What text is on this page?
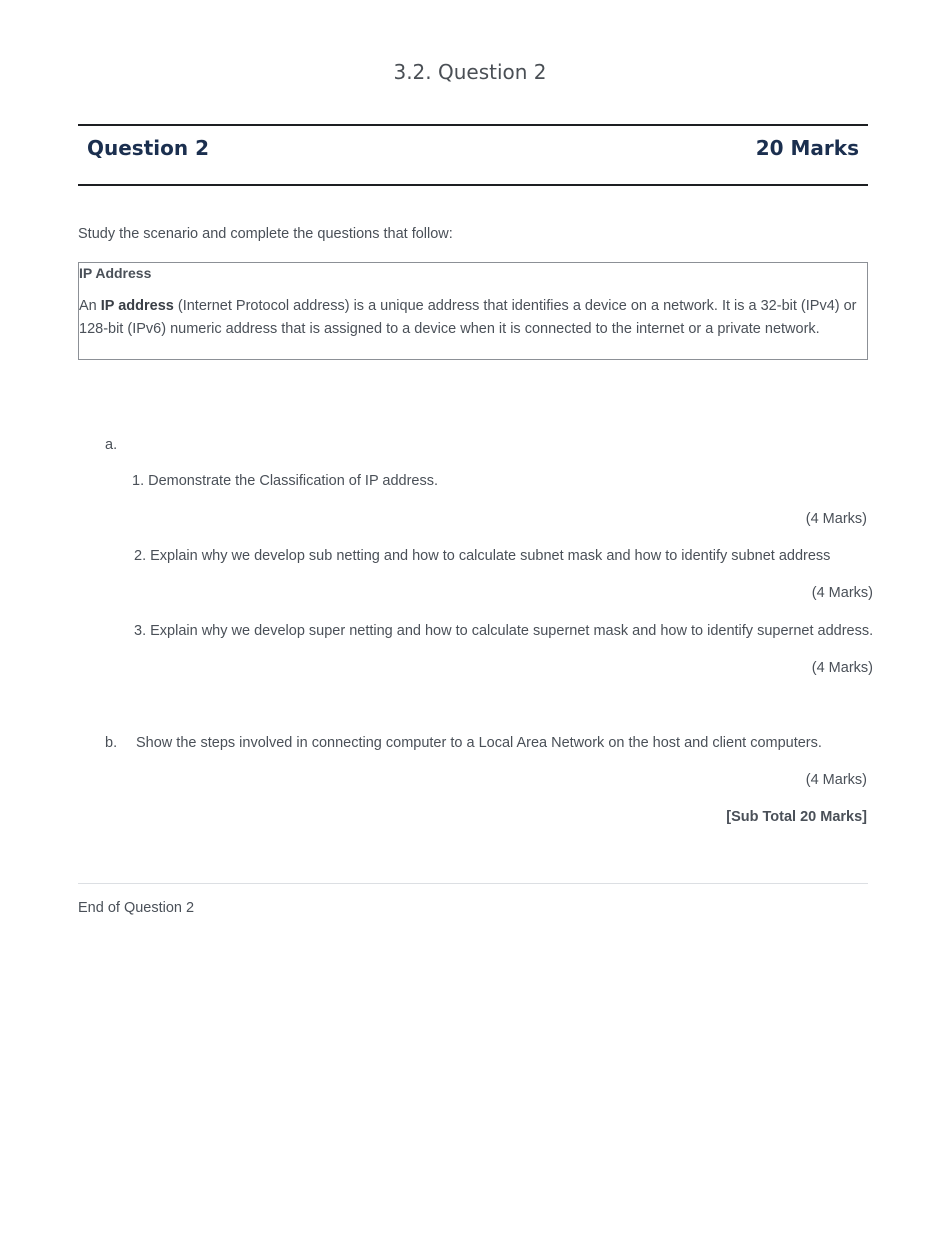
3.2. Question 2
Question 2	20 Marks
Study the scenario and complete the questions that follow:

IP Address

An IP address (Internet Protocol address) is a unique address that identifies a device on a network. It is a 32-bit (IPv4) or
128-bit (IPv6) numeric address that is assigned to a device when it is connected to the internet or a private network.

a.
1. Demonstrate the Classification of IP address.
(4 Marks)
2. Explain why we develop sub netting and how to calculate subnet mask and how to identify subnet address
(4 Marks)
3. Explain why we develop super netting and how to calculate supernet mask and how to identify supernet address.
(4 Marks)
b. Show the steps involved in connecting computer to a Local Area Network on the host and client computers.
(4 Marks)
[Sub Total 20 Marks]
End of Question 2
